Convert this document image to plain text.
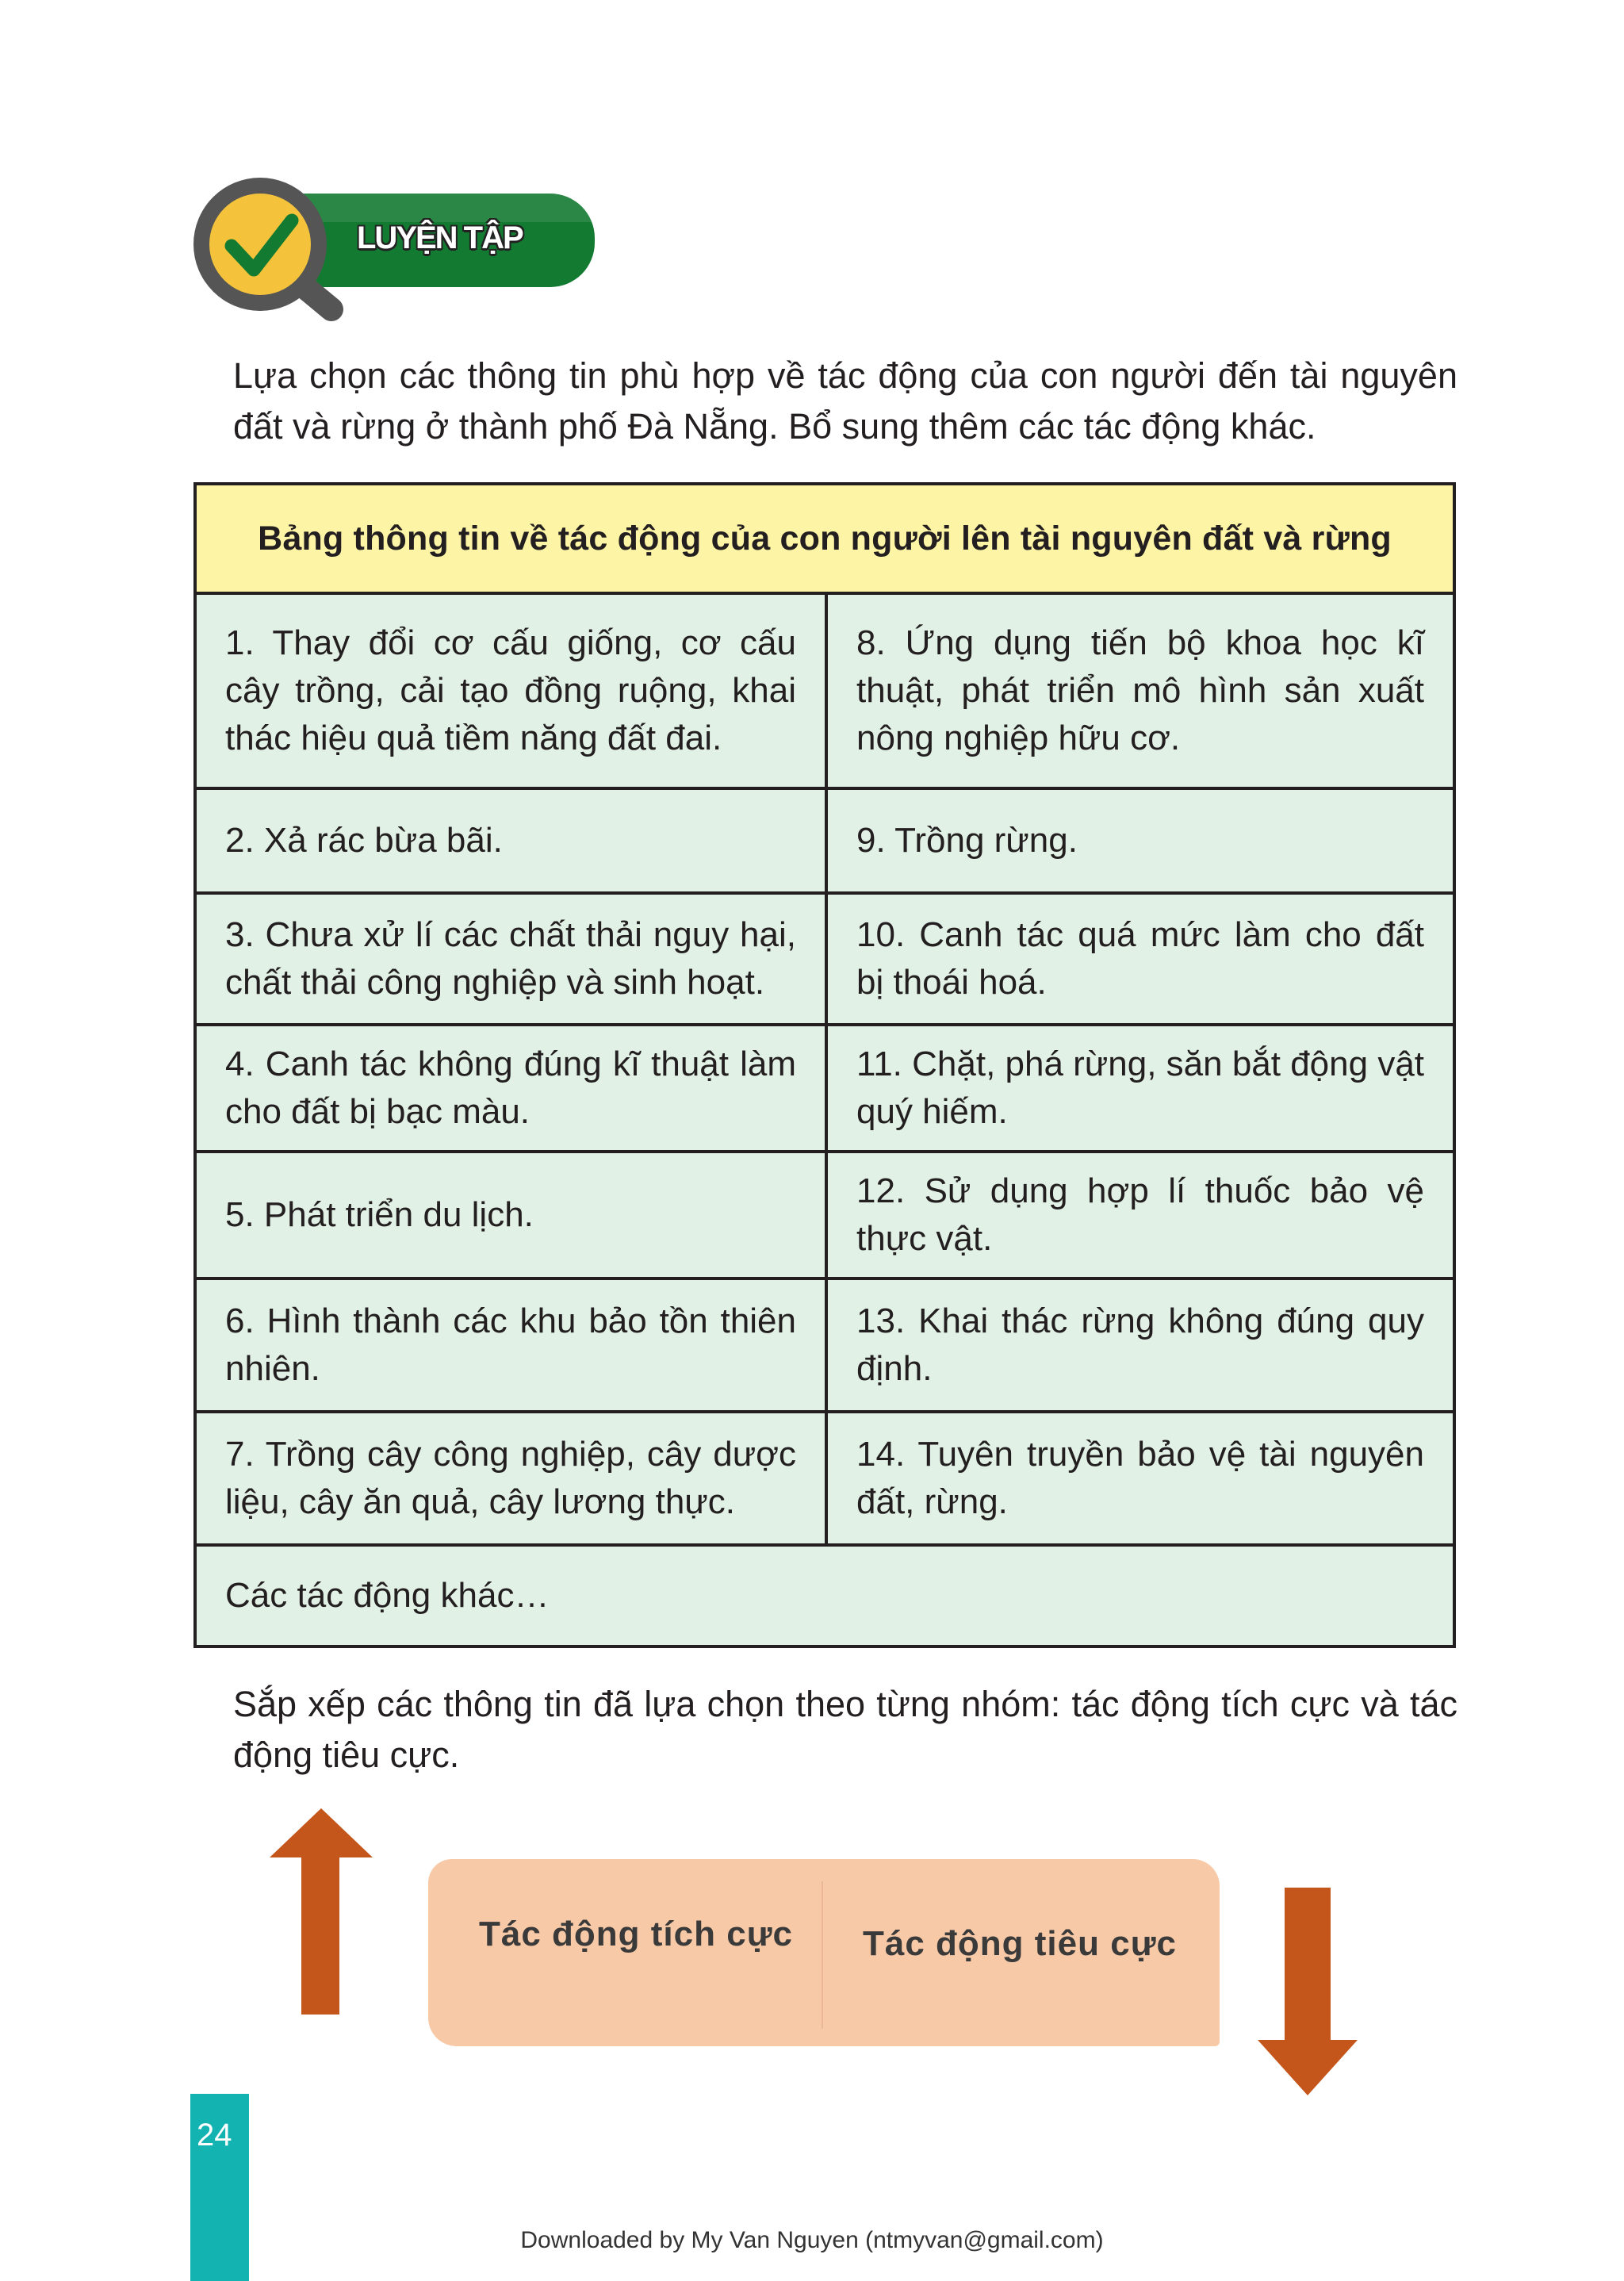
LUYỆN TẬP
Lựa chọn các thông tin phù hợp về tác động của con người đến tài nguyên đất và rừng ở thành phố Đà Nẵng. Bổ sung thêm các tác động khác.
Bảng thông tin về tác động của con người lên tài nguyên đất và rừng
1. Thay đổi cơ cấu giống, cơ cấu cây trồng, cải tạo đồng ruộng, khai thác hiệu quả tiềm năng đất đai.
8. Ứng dụng tiến bộ khoa học kĩ thuật, phát triển mô hình sản xuất nông nghiệp hữu cơ.
2. Xả rác bừa bãi.	9. Trồng rừng.
3. Chưa xử lí các chất thải nguy hại, chất thải công nghiệp và sinh hoạt.
10. Canh tác quá mức làm cho đất bị thoái hoá.
4. Canh tác không đúng kĩ thuật làm cho đất bị bạc màu.
11. Chặt, phá rừng, săn bắt động vật quý hiếm.
5. Phát triển du lịch.
12. Sử dụng hợp lí thuốc bảo vệ thực vật.
6. Hình thành các khu bảo tồn thiên nhiên.
13. Khai thác rừng không đúng quy định.
7. Trồng cây công nghiệp, cây dược liệu, cây ăn quả, cây lương thực.
14. Tuyên truyền bảo vệ tài nguyên đất, rừng.
Các tác động khác…
Sắp xếp các thông tin đã lựa chọn theo từng nhóm: tác động tích cực và tác động tiêu cực.
Tác động tích cực Tác động tiêu cực
24
Downloaded by My Van Nguyen (ntmyvan@gmail.com)
